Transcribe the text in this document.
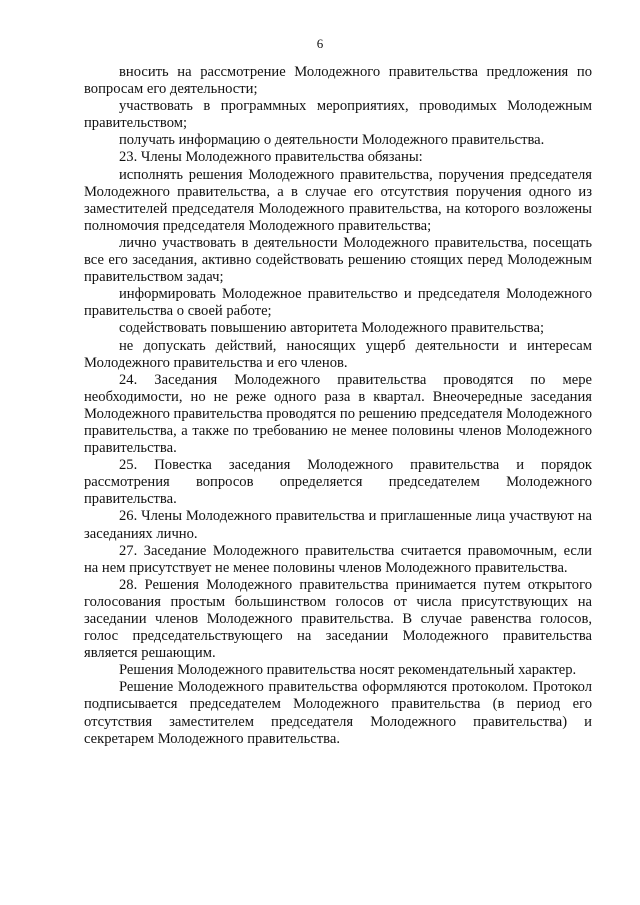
6

вносить на рассмотрение Молодежного правительства предложения по вопросам его деятельности;

участвовать в программных мероприятиях, проводимых Молодежным правительством;

получать информацию о деятельности Молодежного правительства.

23. Члены Молодежного правительства обязаны:

исполнять решения Молодежного правительства, поручения председателя Молодежного правительства, а в случае его отсутствия поручения одного из заместителей председателя Молодежного правительства, на которого возложены полномочия председателя Молодежного правительства;

лично участвовать в деятельности Молодежного правительства, посещать все его заседания, активно содействовать решению стоящих перед Молодежным правительством задач;

информировать Молодежное правительство и председателя Молодежного правительства о своей работе;

содействовать повышению авторитета Молодежного правительства;

не допускать действий, наносящих ущерб деятельности и интересам Молодежного правительства и его членов.

24. Заседания Молодежного правительства проводятся по мере необходимости, но не реже одного раза в квартал. Внеочередные заседания Молодежного правительства проводятся по решению председателя Молодежного правительства, а также по требованию не менее половины членов Молодежного правительства.

25. Повестка заседания Молодежного правительства и порядок рассмотрения вопросов определяется председателем Молодежного правительства.

26. Члены Молодежного правительства и приглашенные лица участвуют на заседаниях лично.

27. Заседание Молодежного правительства считается правомочным, если на нем присутствует не менее половины членов Молодежного правительства.

28. Решения Молодежного правительства принимается путем открытого голосования простым большинством голосов от числа присутствующих на заседании членов Молодежного правительства. В случае равенства голосов, голос председательствующего на заседании Молодежного правительства является решающим.

Решения Молодежного правительства носят рекомендательный характер.

Решение Молодежного правительства оформляются протоколом. Протокол подписывается председателем Молодежного правительства (в период его отсутствия заместителем председателя Молодежного правительства) и секретарем Молодежного правительства.
